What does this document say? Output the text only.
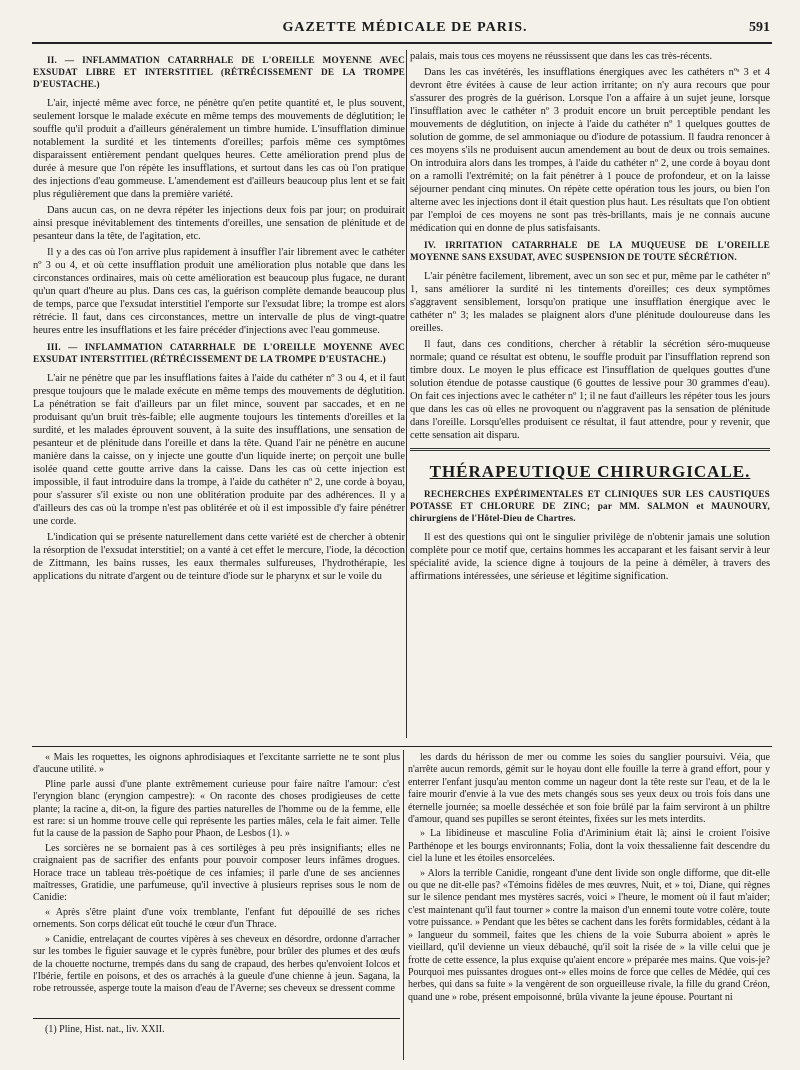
GAZETTE MÉDICALE DE PARIS.	591
II. — INFLAMMATION CATARRHALE DE L'OREILLE MOYENNE AVEC EXSUDAT LIBRE ET INTERSTITIEL (RÉTRÉCISSEMENT DE LA TROMPE D'EUSTACHE.)

L'air, injecté même avec force, ne pénètre qu'en petite quantité et, le plus souvent, seulement lorsque le malade exécute en même temps des mouvements de déglutition; le souffle qu'il produit a d'ailleurs généralement un timbre humide. L'insufflation diminue notablement la surdité et les tintements d'oreilles; parfois même ces symptômes disparaissent entièrement pendant quelques heures. Cette amélioration prend plus de durée à mesure que l'on répète les insufflations, et surtout dans les cas où l'on pratique des injections d'eau gommeuse. L'amendement est d'ailleurs beaucoup plus lent et se fait plus régulièrement que dans la première variété.

Dans aucun cas, on ne devra répéter les injections deux fois par jour; on produirait ainsi presque inévitablement des tintements d'oreilles, une sensation de plénitude et de pesanteur dans la tête, de l'agitation, etc.

Il y a des cas où l'on arrive plus rapidement à insuffler l'air librement avec le cathéter nº 3 ou 4, et où cette insufflation produit une amélioration plus notable que dans les circonstances ordinaires, mais où cette amélioration est beaucoup plus fugace, ne durant qu'un quart d'heure au plus. Dans ces cas, la guérison complète demande beaucoup plus de temps, parce que l'exsudat interstitiel l'emporte sur l'exsudat libre; la trompe est alors rétrécie. Il faut, dans ces circonstances, mettre un intervalle de plus de vingt-quatre heures entre les insufflations et les faire précéder d'injections avec l'eau gommeuse.

III. — INFLAMMATION CATARRHALE DE L'OREILLE MOYENNE AVEC EXSUDAT INTERSTITIEL (RÉTRÉCISSEMENT DE LA TROMPE D'EUSTACHE.)

L'air ne pénètre que par les insufflations faites à l'aide du cathéter nº 3 ou 4, et il faut presque toujours que le malade exécute en même temps des mouvements de déglutition. La pénétration se fait d'ailleurs par un filet mince, souvent par saccades, et en ne produisant qu'un bruit très-faible; elle augmente toujours les tintements d'oreilles et la surdité, et les malades éprouvent souvent, à la suite des insufflations, une sensation de pesanteur et de plénitude dans l'oreille et dans la tête. Quand l'air ne pénètre en aucune manière dans la caisse, on y injecte une goutte d'un liquide inerte; on perçoit une bulle isolée quand cette goutte arrive dans la caisse. Dans les cas où cette injection est impossible, il faut introduire dans la trompe, à l'aide du cathéter nº 2, une corde à boyau, pour s'assurer s'il existe ou non une oblitération produite par des adhérences. Il y a d'ailleurs des cas où la trompe n'est pas oblitérée et où il est impossible d'y faire pénétrer une corde.

L'indication qui se présente naturellement dans cette variété est de chercher à obtenir la résorption de l'exsudat interstitiel; on a vanté à cet effet le mercure, l'iode, la décoction de Zittmann, les bains russes, les eaux thermales sulfureuses, l'hydrothérapie, les applications du nitrate d'argent ou de teinture d'iode sur le pharynx et sur le voile du

palais, mais tous ces moyens ne réussissent que dans les cas très-récents.

Dans les cas invétérés, les insufflations énergiques avec les cathéters nºˢ 3 et 4 devront être évitées à cause de leur action irritante; on n'y aura recours que pour s'assurer des progrès de la guérison. Lorsque l'on a affaire à un sujet jeune, lorsque l'insufflation avec le cathéter nº 3 produit encore un bruit perceptible pendant les mouvements de déglutition, on injecte à l'aide du cathéter nº 1 quelques gouttes de solution de gomme, de sel ammoniaque ou d'iodure de potassium. Il faudra renoncer à ces moyens s'ils ne produisent aucun amendement au bout de deux ou trois semaines. On introduira alors dans les trompes, à l'aide du cathéter nº 2, une corde à boyau dont on a ramolli l'extrémité; on la fait pénétrer à 1 pouce de profondeur, et on la laisse séjourner pendant cinq minutes. On répète cette opération tous les jours, ou bien l'on alterne avec les injections dont il était question plus haut. Les résultats que l'on obtient par l'emploi de ces moyens ne sont pas très-brillants, mais je ne connais aucune médication qui en donne de plus satisfaisants.

IV. IRRITATION CATARRHALE DE LA MUQUEUSE DE L'OREILLE MOYENNE SANS EXSUDAT, AVEC SUSPENSION DE TOUTE SÉCRÉTION.

L'air pénètre facilement, librement, avec un son sec et pur, même par le cathéter nº 1, sans améliorer la surdité ni les tintements d'oreilles; ces deux symptômes s'aggravent sensiblement, lorsqu'on pratique une insufflation énergique avec le cathéter nº 3; les malades se plaignent alors d'une plénitude douloureuse dans les oreilles.

Il faut, dans ces conditions, chercher à rétablir la sécrétion séro-muqueuse normale; quand ce résultat est obtenu, le souffle produit par l'insufflation reprend son timbre doux. Le moyen le plus efficace est l'insufflation de quelques gouttes d'une solution étendue de potasse caustique (6 gouttes de lessive pour 30 grammes d'eau). On fait ces injections avec le cathéter nº 1; il ne faut d'ailleurs les répéter tous les jours que dans les cas où elles ne provoquent ou n'aggravent pas la sensation de plénitude dans l'oreille. Lorsqu'elles produisent ce résultat, il faut attendre, pour y revenir, que cette sensation ait disparu.

THÉRAPEUTIQUE CHIRURGICALE.
RECHERCHES EXPÉRIMENTALES ET CLINIQUES SUR LES CAUSTIQUES POTASSE ET CHLORURE DE ZINC; par MM. SALMON et MAUNOURY, chirurgiens de l'Hôtel-Dieu de Chartres.

Il est des questions qui ont le singulier privilège de n'obtenir jamais une solution complète pour ce motif que, certains hommes les accaparant et les faisant servir à leur spécialité avide, la science digne à toujours de la peine à démêler, à travers des affirmations intéressées, une sérieuse et légitime signification.

« Mais les roquettes, les oignons aphrodisiaques et l'excitante sarriette ne te sont plus d'aucune utilité. »

Pline parle aussi d'une plante extrêmement curieuse pour faire naître l'amour: c'est l'eryngion blanc (eryngion campestre): « On raconte des choses prodigieuses de cette plante; la racine a, dit-on, la figure des parties naturelles de l'homme ou de la femme, elle est rare: si un homme trouve celle qui représente les parties mâles, cela le fait aimer. Telle fut la cause de la passion de Sapho pour Phaon, de Lesbos (1). »

Les sorcières ne se bornaient pas à ces sortilèges à peu près insignifiants; elles ne craignaient pas de sacrifier des enfants pour pouvoir composer leurs infâmes drogues. Horace trace un tableau très-poétique de ces infamies; il parle d'une de ses anciennes maîtresses, Gratidie, une parfumeuse, qu'il invective à plusieurs reprises sous le nom de Canidie:

« Après s'être plaint d'une voix tremblante, l'enfant fut dépouillé de ses riches ornements. Son corps délicat eût touché le cœur d'un Thrace.

» Canidie, entrelaçant de courtes vipères à ses cheveux en désordre, ordonne d'arracher sur les tombes le figuier sauvage et le cyprès funèbre, pour brûler des plumes et des œufs de la chouette nocturne, trempés dans du sang de crapaud, des herbes qu'envoient Iolcos et l'Ibérie, fertile en poisons, et des os arrachés à la gueule d'une chienne à jeun. Sagana, la robe retroussée, asperge toute la maison d'eau de l'Averne; ses cheveux se dressent comme

(1) Pline, Hist. nat., liv. XXII.

les dards du hérisson de mer ou comme les soies du sanglier poursuivi. Véia, que n'arrête aucun remords, gémit sur le hoyau dont elle fouille la terre à grand effort, pour y enterrer l'enfant jusqu'au menton comme un nageur dont la tête reste sur l'eau, et de la le faire mourir d'envie à la vue des mets changés sous ses yeux deux ou trois fois dans une éternelle journée; sa moelle desséchée et son foie brûlé par la faim serviront à un philtre d'amour, quand ses pupilles se seront éteintes, fixées sur les mets interdits.

» La libidineuse et masculine Folia d'Ariminium était là; ainsi le croient l'oisive Parthénope et les bourgs environnants; Folia, dont la voix thessalienne fait descendre du ciel la lune et les étoiles ensorcelées.

» Alors la terrible Canidie, rongeant d'une dent livide son ongle difforme, que dit-elle ou que ne dit-elle pas? «Témoins fidèles de mes œuvres, Nuit, et » toi, Diane, qui règnes sur le silence pendant mes mystères sacrés, voici » l'heure, le moment où il faut m'aider; c'est maintenant qu'il faut tourner » contre la maison d'un ennemi toute votre colère, toute votre puissance. » Pendant que les bêtes se cachent dans les forêts formidables, cédant à la » langueur du sommeil, faites que les chiens de la voie Suburra aboient » après le vieillard, qu'il devienne un vieux débauché, qu'il soit la risée de » la ville celui que je frotte de cette essence, la plus exquise qu'aient encore » préparée mes mains. Que vois-je? Pourquoi mes puissantes drogues ont-» elles moins de force que celles de Médée, qui ces herbes, qui dans sa fuite » la vengèrent de son orgueilleuse rivale, la fille du grand Créon, quand une » robe, présent empoisonné, brûla vivante la jeune épouse. Pourtant ni
